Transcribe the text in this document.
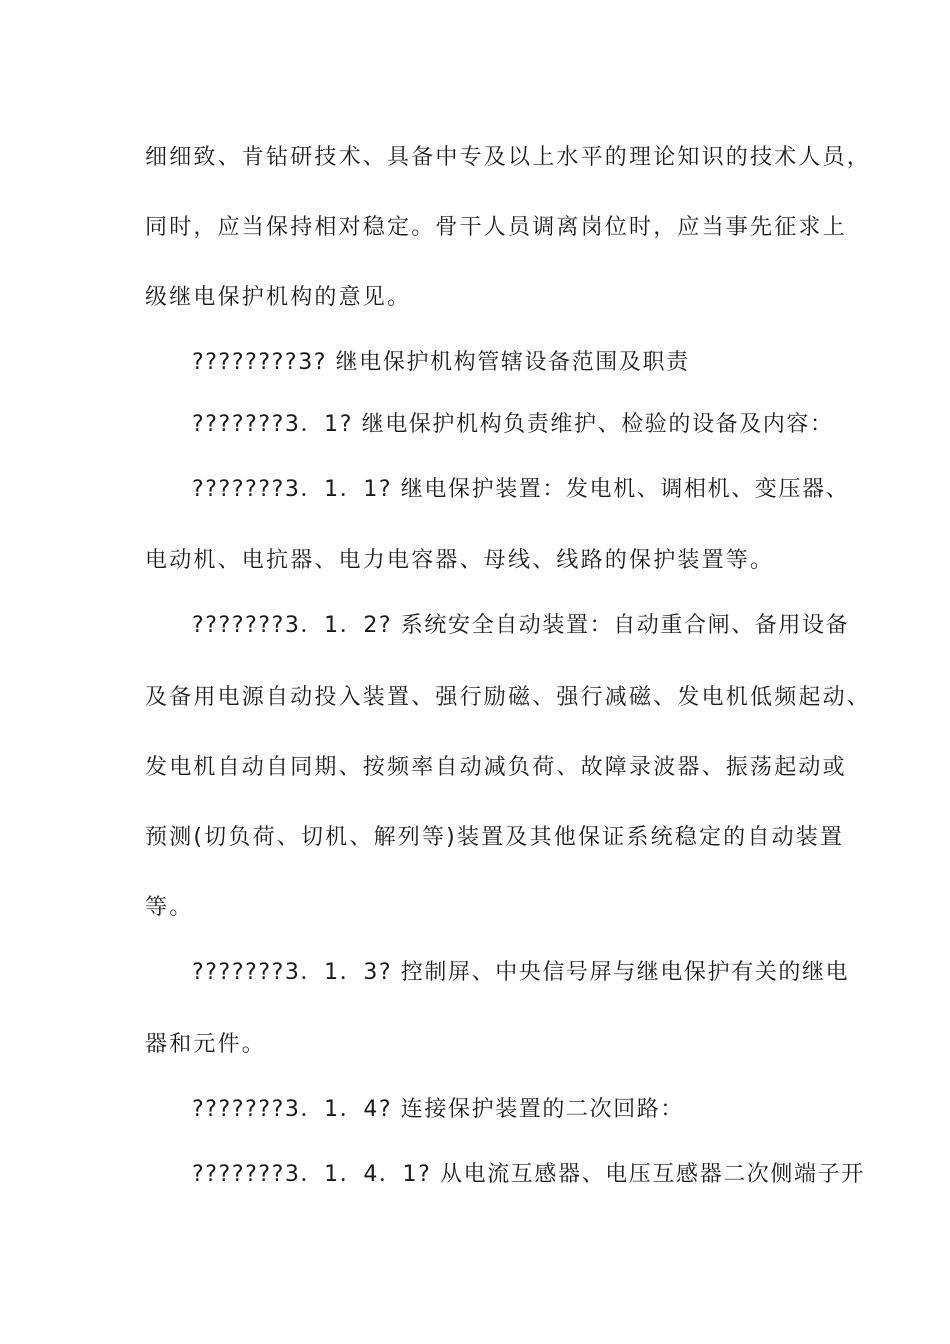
细细致、肯钻研技术、具备中专及以上水平的理论知识的技术人员，
同时，应当保持相对稳定。骨干人员调离岗位时，应当事先征求上
级继电保护机构的意见。
????????3? 继电保护机构管辖设备范围及职责
???????3．1? 继电保护机构负责维护、检验的设备及内容：
???????3．1．1? 继电保护装置：发电机、调相机、变压器、
电动机、电抗器、电力电容器、母线、线路的保护装置等。
???????3．1．2? 系统安全自动装置：自动重合闸、备用设备
及备用电源自动投入装置、强行励磁、强行减磁、发电机低频起动、
发电机自动自同期、按频率自动减负荷、故障录波器、振荡起动或
预测(切负荷、切机、解列等)装置及其他保证系统稳定的自动装置
等。
???????3．1．3? 控制屏、中央信号屏与继电保护有关的继电
器和元件。
???????3．1．4? 连接保护装置的二次回路：
???????3．1．4．1? 从电流互感器、电压互感器二次侧端子开
